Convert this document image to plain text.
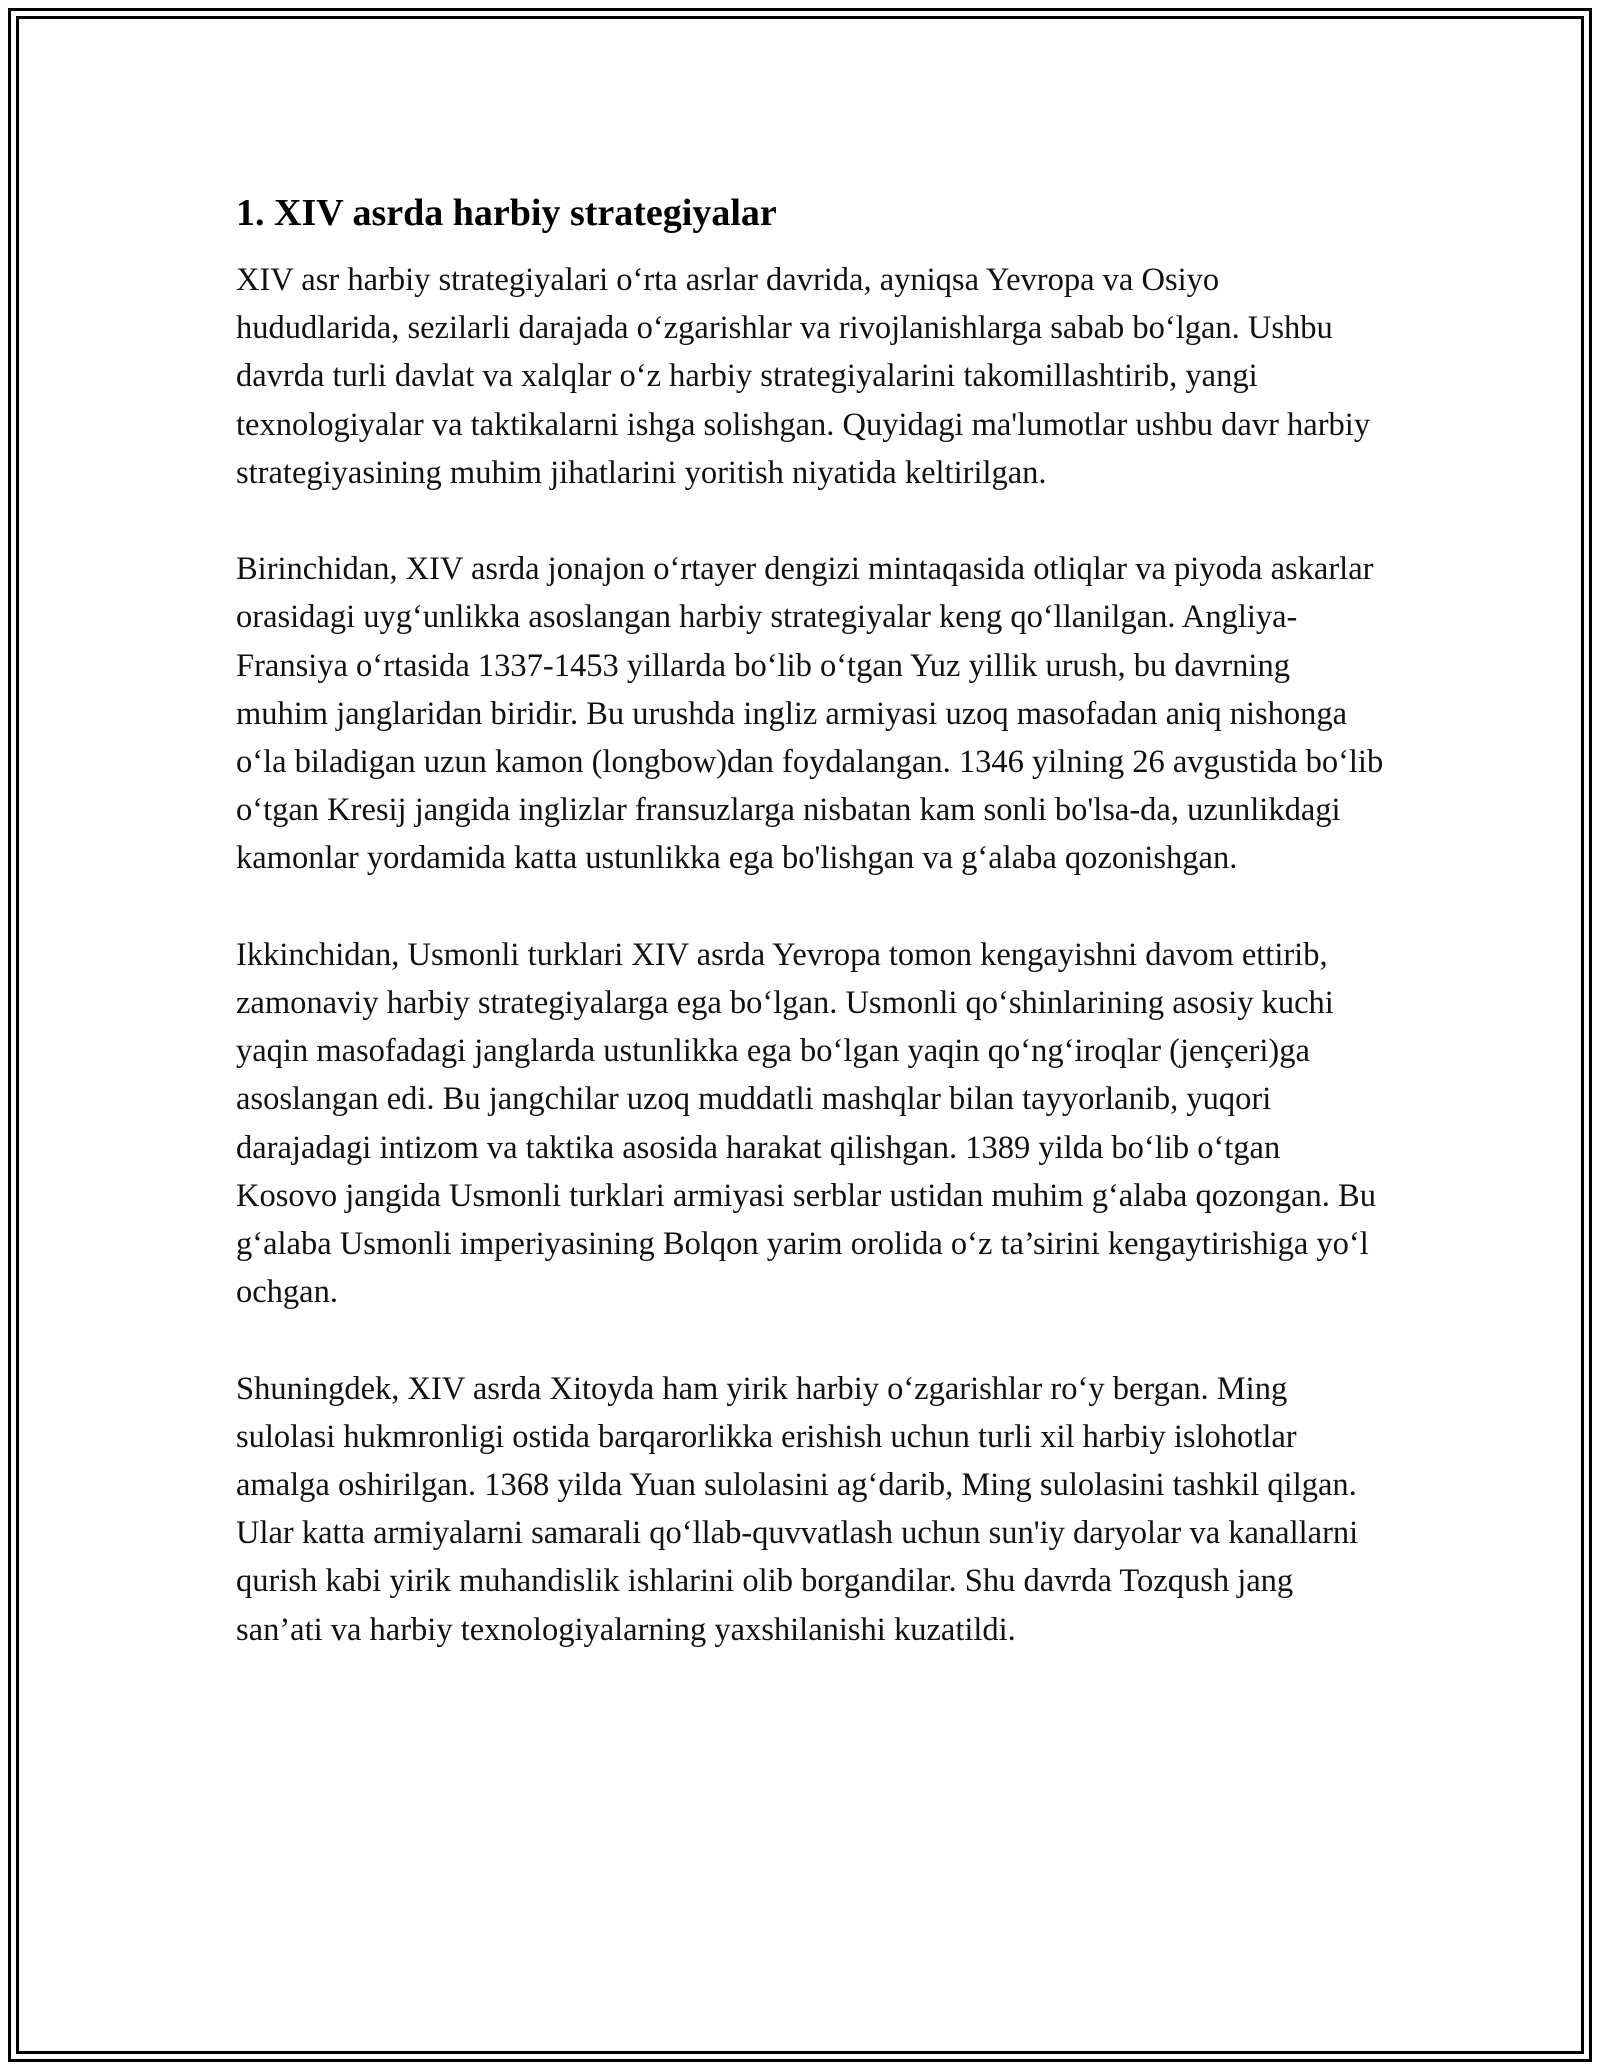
1. XIV asrda harbiy strategiyalar

XIV asr harbiy strategiyalari o‘rta asrlar davrida, ayniqsa Yevropa va Osiyo hududlarida, sezilarli darajada o‘zgarishlar va rivojlanishlarga sabab bo‘lgan. Ushbu davrda turli davlat va xalqlar o‘z harbiy strategiyalarini takomillashtirib, yangi texnologiyalar va taktikalarni ishga solishgan. Quyidagi ma'lumotlar ushbu davr harbiy strategiyasining muhim jihatlarini yoritish niyatida keltirilgan.

Birinchidan, XIV asrda jonajon o‘rtayer dengizi mintaqasida otliqlar va piyoda askarlar orasidagi uyg‘unlikka asoslangan harbiy strategiyalar keng qo‘llanilgan. Angliya-Fransiya o‘rtasida 1337-1453 yillarda bo‘lib o‘tgan Yuz yillik urush, bu davrning muhim janglaridan biridir. Bu urushda ingliz armiyasi uzoq masofadan aniq nishonga o‘la biladigan uzun kamon (longbow)dan foydalangan. 1346 yilning 26 avgustida bo‘lib o‘tgan Kresij jangida inglizlar fransuzlarga nisbatan kam sonli bo'lsa-da, uzunlikdagi kamonlar yordamida katta ustunlikka ega bo'lishgan va g‘alaba qozonishgan.

Ikkinchidan, Usmonli turklari XIV asrda Yevropa tomon kengayishni davom ettirib, zamonaviy harbiy strategiyalarga ega bo‘lgan. Usmonli qo‘shinlarining asosiy kuchi yaqin masofadagi janglarda ustunlikka ega bo‘lgan yaqin qo‘ng‘iroqlar (jençeri)ga asoslangan edi. Bu jangchilar uzoq muddatli mashqlar bilan tayyorlanib, yuqori darajadagi intizom va taktika asosida harakat qilishgan. 1389 yilda bo‘lib o‘tgan Kosovo jangida Usmonli turklari armiyasi serblar ustidan muhim g‘alaba qozongan. Bu g‘alaba Usmonli imperiyasining Bolqon yarim orolida o‘z ta’sirini kengaytirishiga yo‘l ochgan.

Shuningdek, XIV asrda Xitoyda ham yirik harbiy o‘zgarishlar ro‘y bergan. Ming sulolasi hukmronligi ostida barqarorlikka erishish uchun turli xil harbiy islohotlar amalga oshirilgan. 1368 yilda Yuan sulolasini ag‘darib, Ming sulolasini tashkil qilgan. Ular katta armiyalarni samarali qo‘llab-quvvatlash uchun sun'iy daryolar va kanallarni qurish kabi yirik muhandislik ishlarini olib borgandilar. Shu davrda Tozqush jang san’ati va harbiy texnologiyalarning yaxshilanishi kuzatildi.
